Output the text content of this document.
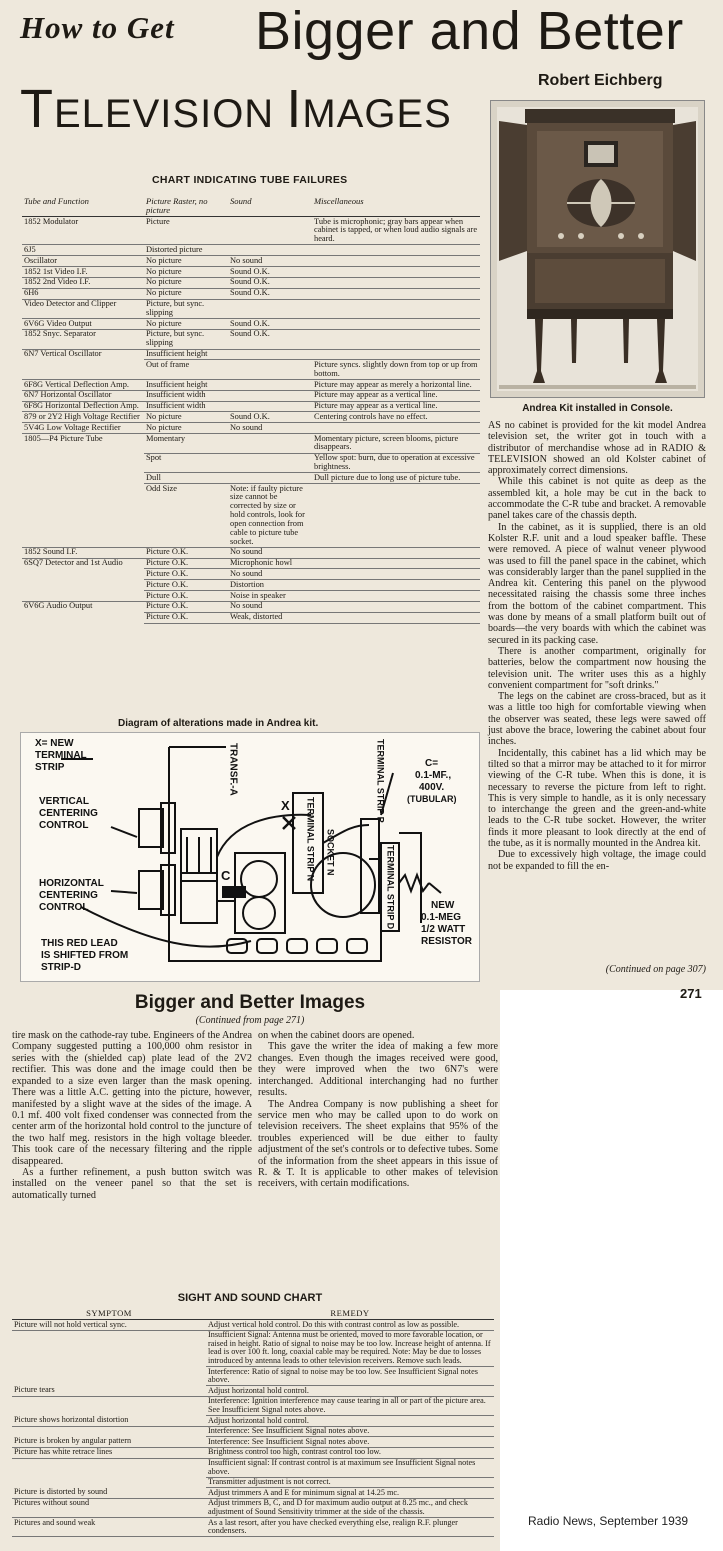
How to Get Bigger and Better
Robert Eichberg
TELEVISION IMAGES
Andrea Kit installed in Console.
CHART INDICATING TUBE FAILURES
Tube and Function	Picture Raster, no picture	Sound	Miscellaneous
1852 Modulator	Picture		Tube is microphonic; gray bars appear when cabinet is tapped, or when loud audio signals are heard.
6J5	Distorted picture		
Oscillator	No picture	No sound	
1852 1st Video I.F.	No picture	Sound O.K.	
1852 2nd Video I.F.	No picture	Sound O.K.	
6H6	No picture	Sound O.K.	
Video Detector and Clipper	Picture, but sync. slipping		
6V6G Video Output	No picture	Sound O.K.	
1852 Snyc. Separator	Picture, but sync. slipping	Sound O.K.	
6N7 Vertical Oscillator	Insufficient height		
	Out of frame		Picture syncs. slightly down from top or up from bottom.
6F8G Vertical Deflection Amp.	Insufficient height		Picture may appear as merely a horizontal line.
6N7 Horizontal Oscillator	Insufficient width		Picture may appear as a vertical line.
6F8G Horizontal Deflection Amp.	Insufficient width		Picture may appear as a vertical line.
879 or 2Y2 High Voltage Rectifier	No picture	Sound O.K.	Centering controls have no effect.
5V4G Low Voltage Rectifier	No picture	No sound	
1805—P4 Picture Tube	Momentary		Momentary picture, screen blooms, picture disappears.
	Spot		Yellow spot: burn, due to operation at excessive brightness.
	Dull		Dull picture due to long use of picture tube.
	Odd Size	Note: if faulty picture size cannot be corrected by size or hold controls, look for open connection from cable to picture tube socket.	
1852 Sound I.F.	Picture O.K.	No sound	
6SQ7 Detector and 1st Audio	Picture O.K.	Microphonic howl	
	Picture O.K.	No sound	
	Picture O.K.	Distortion	
	Picture O.K.	Noise in speaker	
6V6G Audio Output	Picture O.K.	No sound	
	Picture O.K.	Weak, distorted	
Diagram of alterations made in Andrea kit.
X= NEW
TERMINAL
STRIP
VERTICAL
CENTERING
CONTROL
HORIZONTAL
CENTERING
CONTROL
THIS RED LEAD
IS SHIFTED FROM
STRIP-D
TRANSF.-A
TERMINAL STRIP N SOCKET N
TERMINAL STRIP P
TERMINAL STRIP D
C=
0.1-MF.,
400V.
(TUBULAR)
NEW
0.1-MEG
1/2 WATT
RESISTOR
C
X

AS no cabinet is provided for the kit model Andrea television set, the writer got in touch with a distributor of merchandise whose ad in RADIO & TELEVISION showed an old Kolster cabinet of approximately correct dimensions.

While this cabinet is not quite as deep as the assembled kit, a hole may be cut in the back to accommodate the C-R tube and bracket. A removable panel takes care of the chassis depth.

In the cabinet, as it is supplied, there is an old Kolster R.F. unit and a loud speaker baffle. These were removed. A piece of walnut veneer plywood was used to fill the panel space in the cabinet, which was considerably larger than the panel supplied in the Andrea kit. Centering this panel on the plywood necessitated raising the chassis some three inches from the bottom of the cabinet compartment. This was done by means of a small platform built out of boards—the very boards with which the cabinet was secured in its packing case.

There is another compartment, originally for batteries, below the compartment now housing the television unit. The writer uses this as a highly convenient compartment for "soft drinks."

The legs on the cabinet are cross-braced, but as it was a little too high for comfortable viewing when the observer was seated, these legs were sawed off just above the brace, lowering the cabinet about four inches.

Incidentally, this cabinet has a lid which may be tilted so that a mirror may be attached to it for mirror viewing of the C-R tube. When this is done, it is necessary to reverse the picture from left to right. This is very simple to handle, as it is only necessary to interchange the green and the green-and-white leads to the C-R tube socket. However, the writer finds it more pleasant to look directly at the end of the tube, as it is normally mounted in the Andrea kit.

Due to excessively high voltage, the image could not be expanded to fill the en-

(Continued on page 307)
271
Bigger and Better Images
(Continued from page 271)

tire mask on the cathode-ray tube. Engineers of the Andrea Company suggested putting a 100,000 ohm resistor in series with the (shielded cap) plate lead of the 2V2 rectifier. This was done and the image could then be expanded to a size even larger than the mask opening. There was a little A.C. getting into the picture, however, manifested by a slight wave at the sides of the image. A 0.1 mf. 400 volt fixed condenser was connected from the center arm of the horizontal hold control to the juncture of the two half meg. resistors in the high voltage bleeder. This took care of the necessary filtering and the ripple disappeared.

As a further refinement, a push button switch was installed on the veneer panel so that the set is automatically turned

on when the cabinet doors are opened.

This gave the writer the idea of making a few more changes. Even though the images received were good, they were improved when the two 6N7's were interchanged. Additional interchanging had no further results.

The Andrea Company is now publishing a sheet for service men who may be called upon to do work on television receivers. The sheet explains that 95% of the troubles experienced will be due either to faulty adjustment of the set's controls or to defective tubes. Some of the information from the sheet appears in this issue of R. & T. It is applicable to other makes of television receivers, with certain modifications.

SIGHT AND SOUND CHART
SYMPTOM	REMEDY
Picture will not hold vertical sync.	Adjust vertical hold control. Do this with contrast control as low as possible.
	Insufficient Signal: Antenna must be oriented, moved to more favorable location, or raised in height. Ratio of signal to noise may be too low. Increase height of antenna. If lead is over 100 ft. long, coaxial cable may be required. Note: May be due to losses introduced by antenna leads to other television receivers. Remove such leads.
	Interference: Ratio of signal to noise may be too low. See Insufficient Signal notes above.
Picture tears	Adjust horizontal hold control.
	Interference: Ignition interference may cause tearing in all or part of the picture area. See Insufficient Signal notes above.
Picture shows horizontal distortion	Adjust horizontal hold control.
	Interference: See Insufficient Signal notes above.
Picture is broken by angular pattern	Interference: See Insufficient Signal notes above.
Picture has white retrace lines	Brightness control too high, contrast control too low.
	Insufficient signal: If contrast control is at maximum see Insufficient Signal notes above.
	Transmitter adjustment is not correct.
Picture is distorted by sound	Adjust trimmers A and E for minimum signal at 14.25 mc.
Pictures without sound	Adjust trimmers B, C, and D for maximum audio output at 8.25 mc., and check adjustment of Sound Sensitivity trimmer at the side of the chassis.
Pictures and sound weak	As a last resort, after you have checked everything else, realign R.F. plunger condensers.
Radio News, September 1939
